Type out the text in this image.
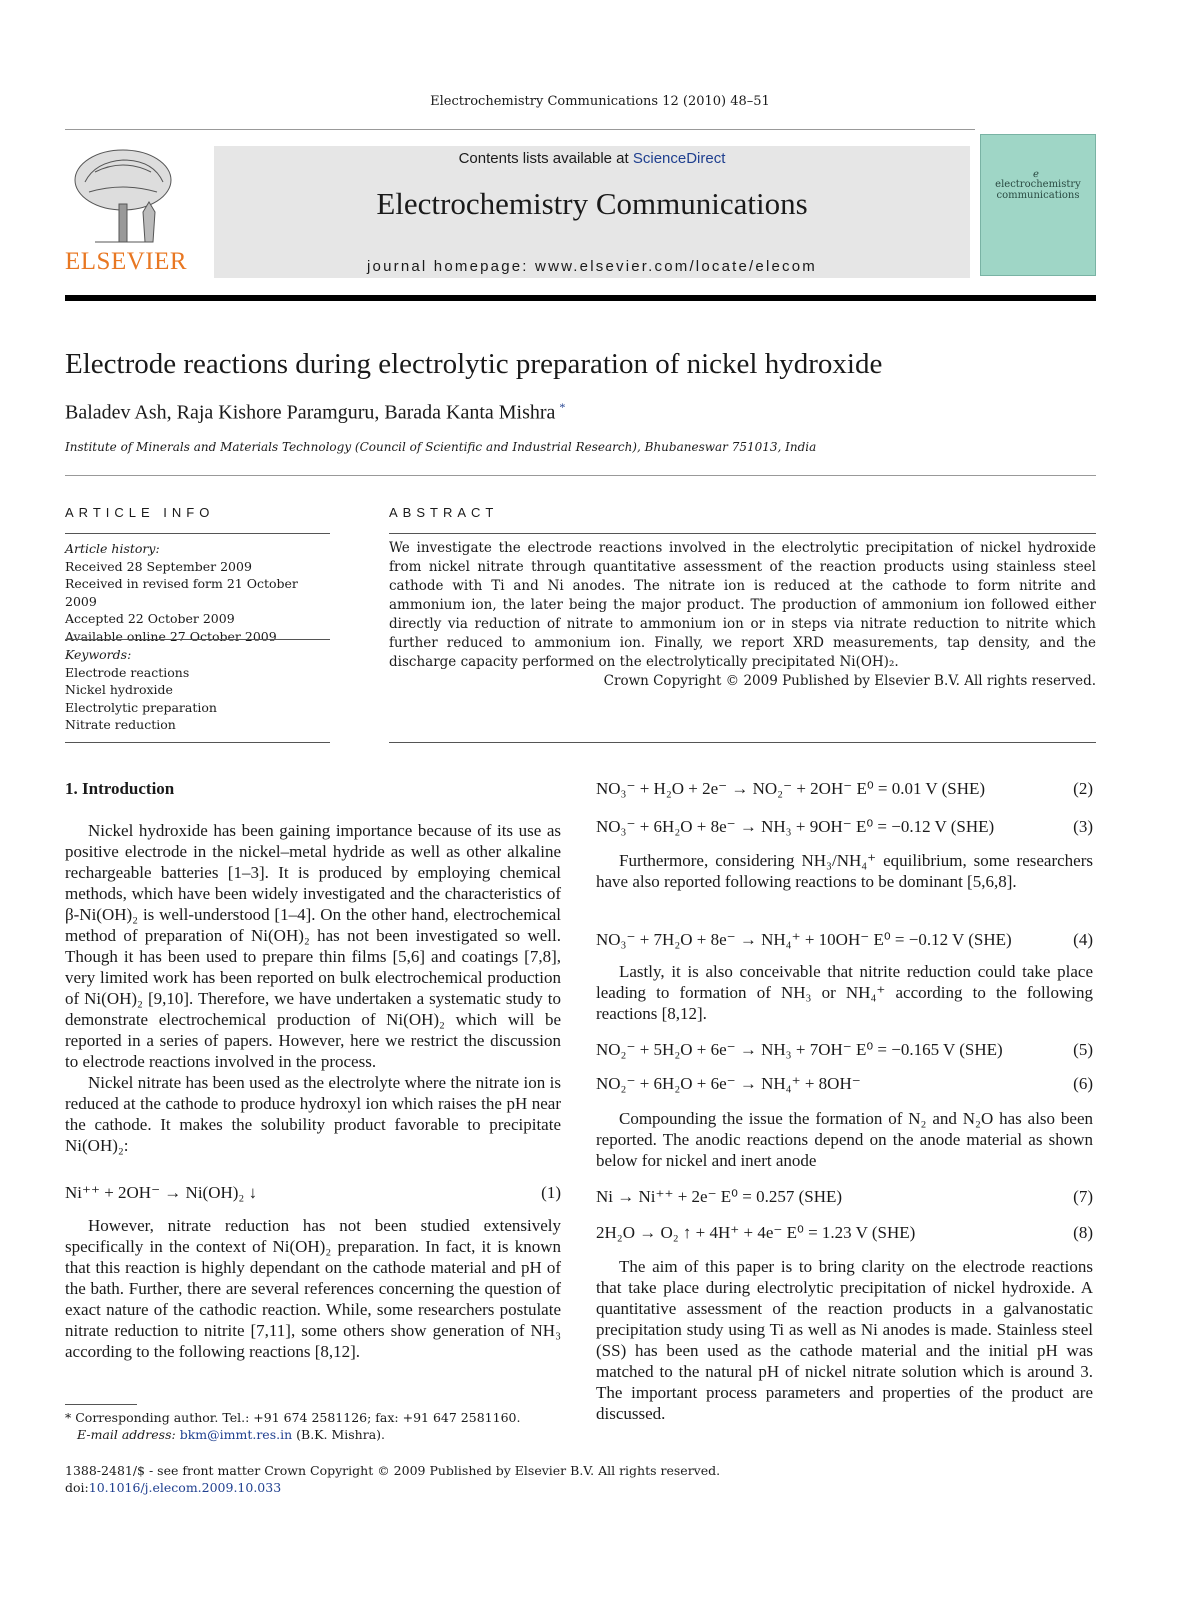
Electrochemistry Communications 12 (2010) 48–51
ELSEVIER
Contents lists available at ScienceDirect
Electrochemistry Communications
journal homepage: www.elsevier.com/locate/elecom
ℯ
electrochemistry communications
Electrode reactions during electrolytic preparation of nickel hydroxide
Baladev Ash, Raja Kishore Paramguru, Barada Kanta Mishra *
Institute of Minerals and Materials Technology (Council of Scientific and Industrial Research), Bhubaneswar 751013, India
ARTICLE INFO	ABSTRACT
Article history:
Received 28 September 2009
Received in revised form 21 October 2009
Accepted 22 October 2009
Available online 27 October 2009
Keywords:
Electrode reactions
Nickel hydroxide
Electrolytic preparation
Nitrate reduction
We investigate the electrode reactions involved in the electrolytic precipitation of nickel hydroxide from nickel nitrate through quantitative assessment of the reaction products using stainless steel cathode with Ti and Ni anodes. The nitrate ion is reduced at the cathode to form nitrite and ammonium ion, the later being the major product. The production of ammonium ion followed either directly via reduction of nitrate to ammonium ion or in steps via nitrate reduction to nitrite which further reduced to ammonium ion. Finally, we report XRD measurements, tap density, and the discharge capacity performed on the electrolytically precipitated Ni(OH)₂.
Crown Copyright © 2009 Published by Elsevier B.V. All rights reserved.
1. Introduction

Nickel hydroxide has been gaining importance because of its use as positive electrode in the nickel–metal hydride as well as other alkaline rechargeable batteries [1–3]. It is produced by employing chemical methods, which have been widely investigated and the characteristics of β-Ni(OH)₂ is well-understood [1–4]. On the other hand, electrochemical method of preparation of Ni(OH)₂ has not been investigated so well. Though it has been used to prepare thin films [5,6] and coatings [7,8], very limited work has been reported on bulk electrochemical production of Ni(OH)₂ [9,10]. Therefore, we have undertaken a systematic study to demonstrate electrochemical production of Ni(OH)₂ which will be reported in a series of papers. However, here we restrict the discussion to electrode reactions involved in the process.

Nickel nitrate has been used as the electrolyte where the nitrate ion is reduced at the cathode to produce hydroxyl ion which raises the pH near the cathode. It makes the solubility product favorable to precipitate Ni(OH)₂:

Ni⁺⁺ + 2OH⁻ → Ni(OH)₂ ↓	(1)

However, nitrate reduction has not been studied extensively specifically in the context of Ni(OH)₂ preparation. In fact, it is known that this reaction is highly dependant on the cathode material and pH of the bath. Further, there are several references concerning the question of exact nature of the cathodic reaction. While, some researchers postulate nitrate reduction to nitrite [7,11], some others show generation of NH₃ according to the following reactions [8,12].

* Corresponding author. Tel.: +91 674 2581126; fax: +91 647 2581160.
E-mail address: bkm@immt.res.in (B.K. Mishra).
1388-2481/$ - see front matter Crown Copyright © 2009 Published by Elsevier B.V. All rights reserved.
doi:10.1016/j.elecom.2009.10.033
NO₃⁻ + H₂O + 2e⁻ → NO₂⁻ + 2OH⁻ E⁰ = 0.01 V (SHE)	(2)
NO₃⁻ + 6H₂O + 8e⁻ → NH₃ + 9OH⁻ E⁰ = −0.12 V (SHE)	(3)

Furthermore, considering NH₃/NH₄⁺ equilibrium, some researchers have also reported following reactions to be dominant [5,6,8].

NO₃⁻ + 7H₂O + 8e⁻ → NH₄⁺ + 10OH⁻ E⁰ = −0.12 V (SHE)	(4)

Lastly, it is also conceivable that nitrite reduction could take place leading to formation of NH₃ or NH₄⁺ according to the following reactions [8,12].

NO₂⁻ + 5H₂O + 6e⁻ → NH₃ + 7OH⁻ E⁰ = −0.165 V (SHE)	(5)
NO₂⁻ + 6H₂O + 6e⁻ → NH₄⁺ + 8OH⁻	(6)

Compounding the issue the formation of N₂ and N₂O has also been reported. The anodic reactions depend on the anode material as shown below for nickel and inert anode

Ni → Ni⁺⁺ + 2e⁻ E⁰ = 0.257 (SHE)	(7)
2H₂O → O₂ ↑ + 4H⁺ + 4e⁻ E⁰ = 1.23 V (SHE)	(8)

The aim of this paper is to bring clarity on the electrode reactions that take place during electrolytic precipitation of nickel hydroxide. A quantitative assessment of the reaction products in a galvanostatic precipitation study using Ti as well as Ni anodes is made. Stainless steel (SS) has been used as the cathode material and the initial pH was matched to the natural pH of nickel nitrate solution which is around 3. The important process parameters and properties of the product are discussed.
